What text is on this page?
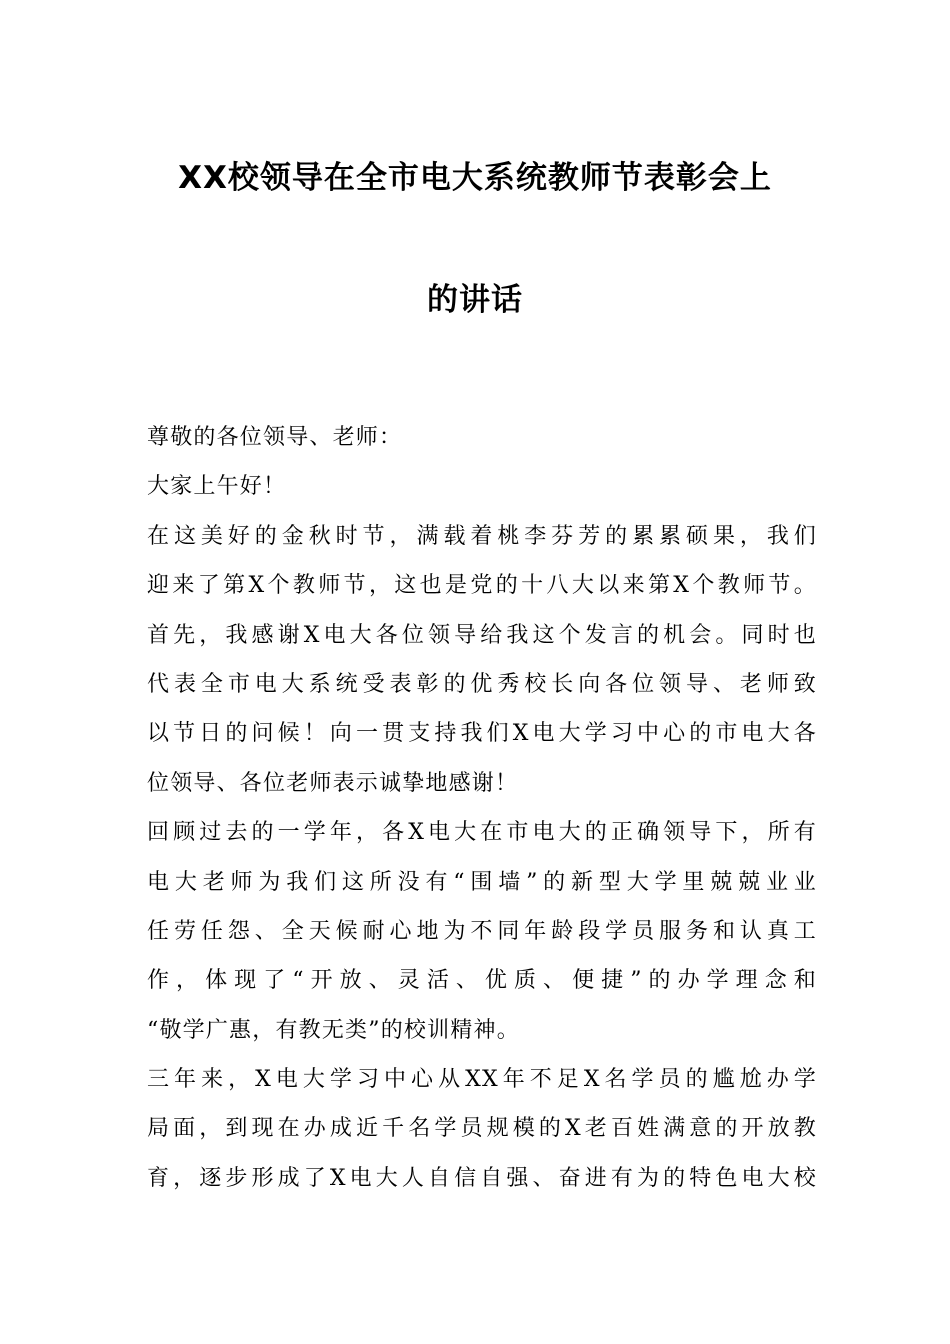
XX校领导在全市电大系统教师节表彰会上
的讲话
尊敬的各位领导、老师：
大家上午好！
在这美好的金秋时节，满载着桃李芬芳的累累硕果，我们
迎来了第X个教师节，这也是党的十八大以来第X个教师节。
首先，我感谢X电大各位领导给我这个发言的机会。同时也
代表全市电大系统受表彰的优秀校长向各位领导、老师致
以节日的问候！向一贯支持我们X电大学习中心的市电大各
位领导、各位老师表示诚挚地感谢！
回顾过去的一学年，各X电大在市电大的正确领导下，所有
电大老师为我们这所没有“围墙”的新型大学里兢兢业业
任劳任怨、全天候耐心地为不同年龄段学员服务和认真工
作，体现了“开放、灵活、优质、便捷”的办学理念和
“敬学广惠，有教无类”的校训精神。
三年来，X电大学习中心从XX年不足X名学员的尴尬办学
局面，到现在办成近千名学员规模的X老百姓满意的开放教
育，逐步形成了X电大人自信自强、奋进有为的特色电大校
